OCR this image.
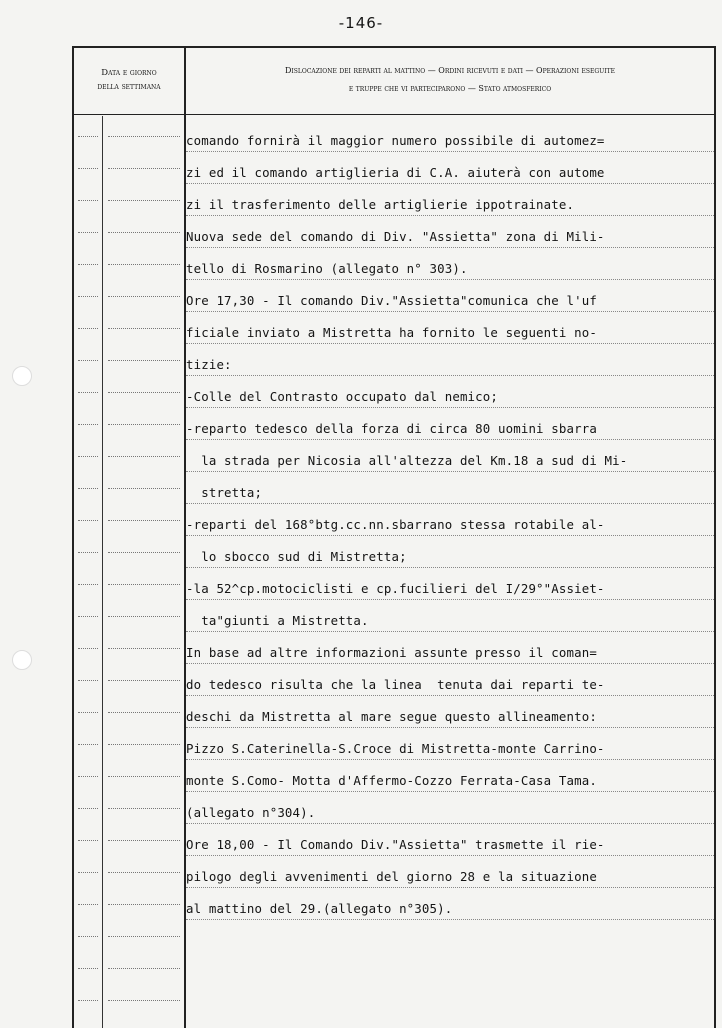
-146-
Data e giorno
della settimana
Dislocazione dei reparti al mattino — Ordini ricevuti e dati — Operazioni eseguite
e truppe che vi parteciparono — Stato atmosferico
comando fornirà il maggior numero possibile di automez=
zi ed il comando artiglieria di C.A. aiuterà con autome
zi il trasferimento delle artiglierie ippotrainate.
Nuova sede del comando di Div. "Assietta" zona di Mili-
tello di Rosmarino (allegato n° 303).
Ore 17,30 - Il comando Div."Assietta"comunica che l'uf
ficiale inviato a Mistretta ha fornito le seguenti no-
tizie:
-Colle del Contrasto occupato dal nemico;
-reparto tedesco della forza di circa 80 uomini sbarra
la strada per Nicosia all'altezza del Km.18 a sud di Mi-
stretta;
-reparti del 168°btg.cc.nn.sbarrano stessa rotabile al-
lo sbocco sud di Mistretta;
-la 52^cp.motociclisti e cp.fucilieri del I/29°"Assiet-
ta"giunti a Mistretta.
In base ad altre informazioni assunte presso il coman=
do tedesco risulta che la linea  tenuta dai reparti te-
deschi da Mistretta al mare segue questo allineamento:
Pizzo S.Caterinella-S.Croce di Mistretta-monte Carrino-
monte S.Como- Motta d'Affermo-Cozzo Ferrata-Casa Tama.
(allegato n°304).
Ore 18,00 - Il Comando Div."Assietta" trasmette il rie-
pilogo degli avvenimenti del giorno 28 e la situazione
al mattino del 29.(allegato n°305).
